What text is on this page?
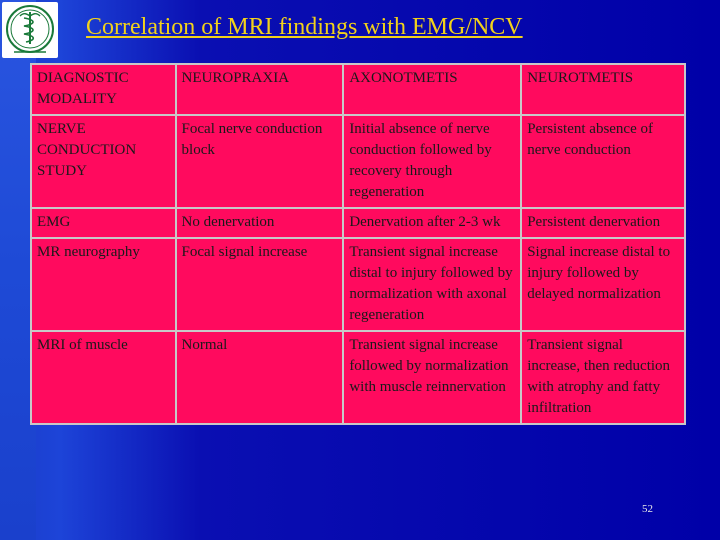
Correlation of MRI findings with EMG/NCV
DIAGNOSTIC MODALITY	NEUROPRAXIA	AXONOTMETIS	NEUROTMETIS
NERVE CONDUCTION STUDY	Focal nerve conduction block	Initial absence of nerve conduction followed by recovery through regeneration	Persistent absence of nerve conduction
EMG	No denervation	Denervation after 2-3 wk	Persistent denervation
MR neurography	Focal signal increase	Transient signal increase distal to injury followed by normalization with axonal regeneration	Signal increase distal to injury followed by delayed normalization
MRI of muscle	Normal	Transient signal increase followed by normalization with muscle reinnervation	Transient signal increase, then reduction with atrophy and fatty infiltration
52
